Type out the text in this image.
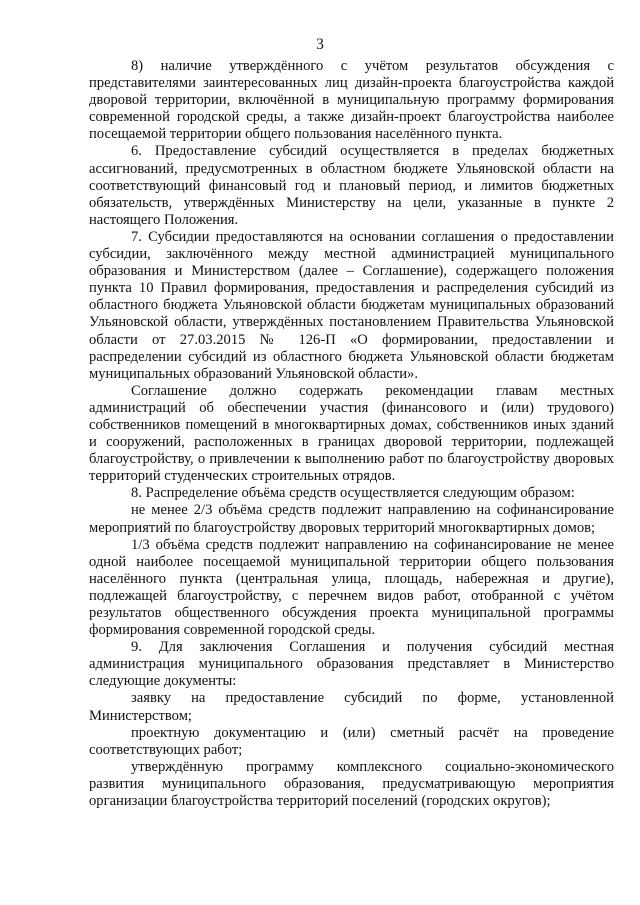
3

8) наличие утверждённого с учётом результатов обсуждения с представителями заинтересованных лиц дизайн-проекта благоустройства каждой дворовой территории, включённой в муниципальную программу формирования современной городской среды, а также дизайн-проект благоустройства наиболее посещаемой территории общего пользования населённого пункта.

6. Предоставление субсидий осуществляется в пределах бюджетных ассигнований, предусмотренных в областном бюджете Ульяновской области на соответствующий финансовый год и плановый период, и лимитов бюджетных обязательств, утверждённых Министерству на цели, указанные в пункте 2 настоящего Положения.

7. Субсидии предоставляются на основании соглашения о предоставлении субсидии, заключённого между местной администрацией муниципального образования и Министерством (далее – Соглашение), содержащего положения пункта 10 Правил формирования, предоставления и распределения субсидий из областного бюджета Ульяновской области бюджетам муниципальных образований Ульяновской области, утверждённых постановлением Правительства Ульяновской области от 27.03.2015 № 126-П «О формировании, предоставлении и распределении субсидий из областного бюджета Ульяновской области бюджетам муниципальных образований Ульяновской области».

Соглашение должно содержать рекомендации главам местных администраций об обеспечении участия (финансового и (или) трудового) собственников помещений в многоквартирных домах, собственников иных зданий и сооружений, расположенных в границах дворовой территории, подлежащей благоустройству, о привлечении к выполнению работ по благоустройству дворовых территорий студенческих строительных отрядов.

8. Распределение объёма средств осуществляется следующим образом:

не менее 2/3 объёма средств подлежит направлению на софинансирование мероприятий по благоустройству дворовых территорий многоквартирных домов;

1/3 объёма средств подлежит направлению на софинансирование не менее одной наиболее посещаемой муниципальной территории общего пользования населённого пункта (центральная улица, площадь, набережная и другие), подлежащей благоустройству, с перечнем видов работ, отобранной с учётом результатов общественного обсуждения проекта муниципальной программы формирования современной городской среды.

9. Для заключения Соглашения и получения субсидий местная администрация муниципального образования представляет в Министерство следующие документы:

заявку на предоставление субсидий по форме, установленной Министерством;

проектную документацию и (или) сметный расчёт на проведение соответствующих работ;

утверждённую программу комплексного социально-экономического развития муниципального образования, предусматривающую мероприятия организации благоустройства территорий поселений (городских округов);
